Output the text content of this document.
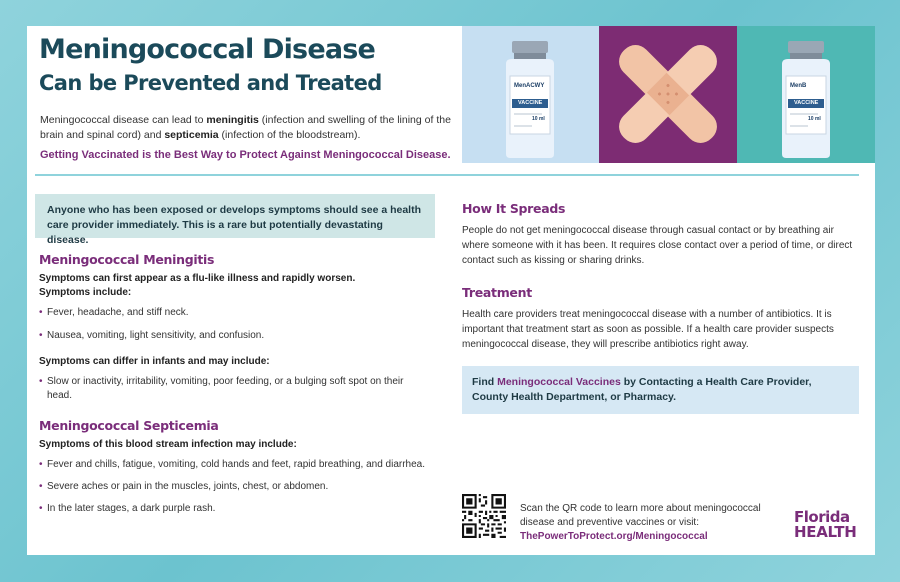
Meningococcal Disease
Can be Prevented and Treated
Meningococcal disease can lead to meningitis (infection and swelling of the lining of the brain and spinal cord) and septicemia (infection of the bloodstream).
Getting Vaccinated is the Best Way to Protect Against Meningococcal Disease.
MenACWY
VACCINE
10 ml
MenB
VACCINE
10 ml
Anyone who has been exposed or develops symptoms should see a health care provider immediately. This is a rare but potentially devastating disease.
Meningococcal Meningitis
Symptoms can first appear as a flu-like illness and rapidly worsen.
Symptoms include:
• Fever, headache, and stiff neck.
• Nausea, vomiting, light sensitivity, and confusion.
Symptoms can differ in infants and may include:
• Slow or inactivity, irritability, vomiting, poor feeding, or a bulging soft spot on their head.
Meningococcal Septicemia
Symptoms of this blood stream infection may include:
• Fever and chills, fatigue, vomiting, cold hands and feet, rapid breathing, and diarrhea.
• Severe aches or pain in the muscles, joints, chest, or abdomen.
• In the later stages, a dark purple rash.
How It Spreads
People do not get meningococcal disease through casual contact or by breathing air where someone with it has been. It requires close contact over a period of time, or direct contact such as kissing or sharing drinks.
Treatment
Health care providers treat meningococcal disease with a number of antibiotics. It is important that treatment start as soon as possible. If a health care provider suspects meningococcal disease, they will prescribe antibiotics right away.
Find Meningococcal Vaccines by Contacting a Health Care Provider, County Health Department, or Pharmacy.
Scan the QR code to learn more about meningococcal disease and preventive vaccines or visit: ThePowerToProtect.org/Meningococcal
Florida
HEALTH
